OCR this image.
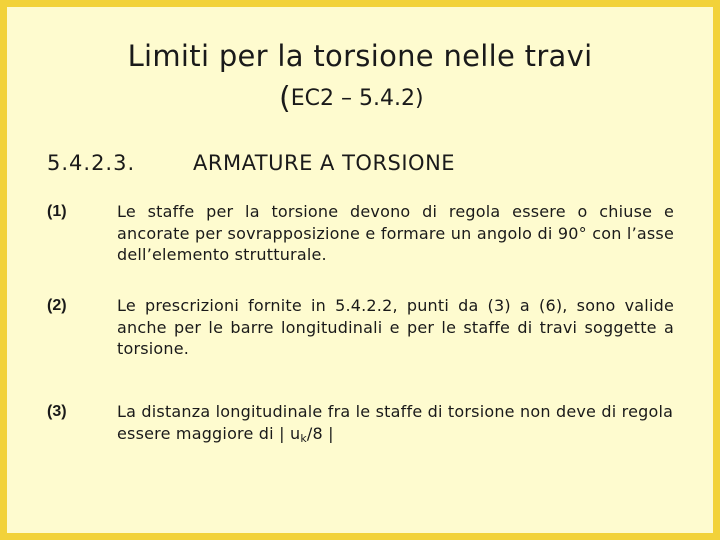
Limiti per la torsione nelle travi
(EC2 – 5.4.2)
5.4.2.3.	ARMATURE A TORSIONE
(1)	Le staffe per la torsione devono di regola essere o chiuse e ancorate per sovrapposizione e formare un angolo di 90° con l’asse dell’elemento strutturale.
(2)	Le prescrizioni fornite in 5.4.2.2, punti da (3) a (6), sono valide anche per le barre longitudinali e per le staffe di travi soggette a torsione.
(3)	La distanza longitudinale fra le staffe di torsione non deve di regola essere maggiore di | $u_k/8$ |
